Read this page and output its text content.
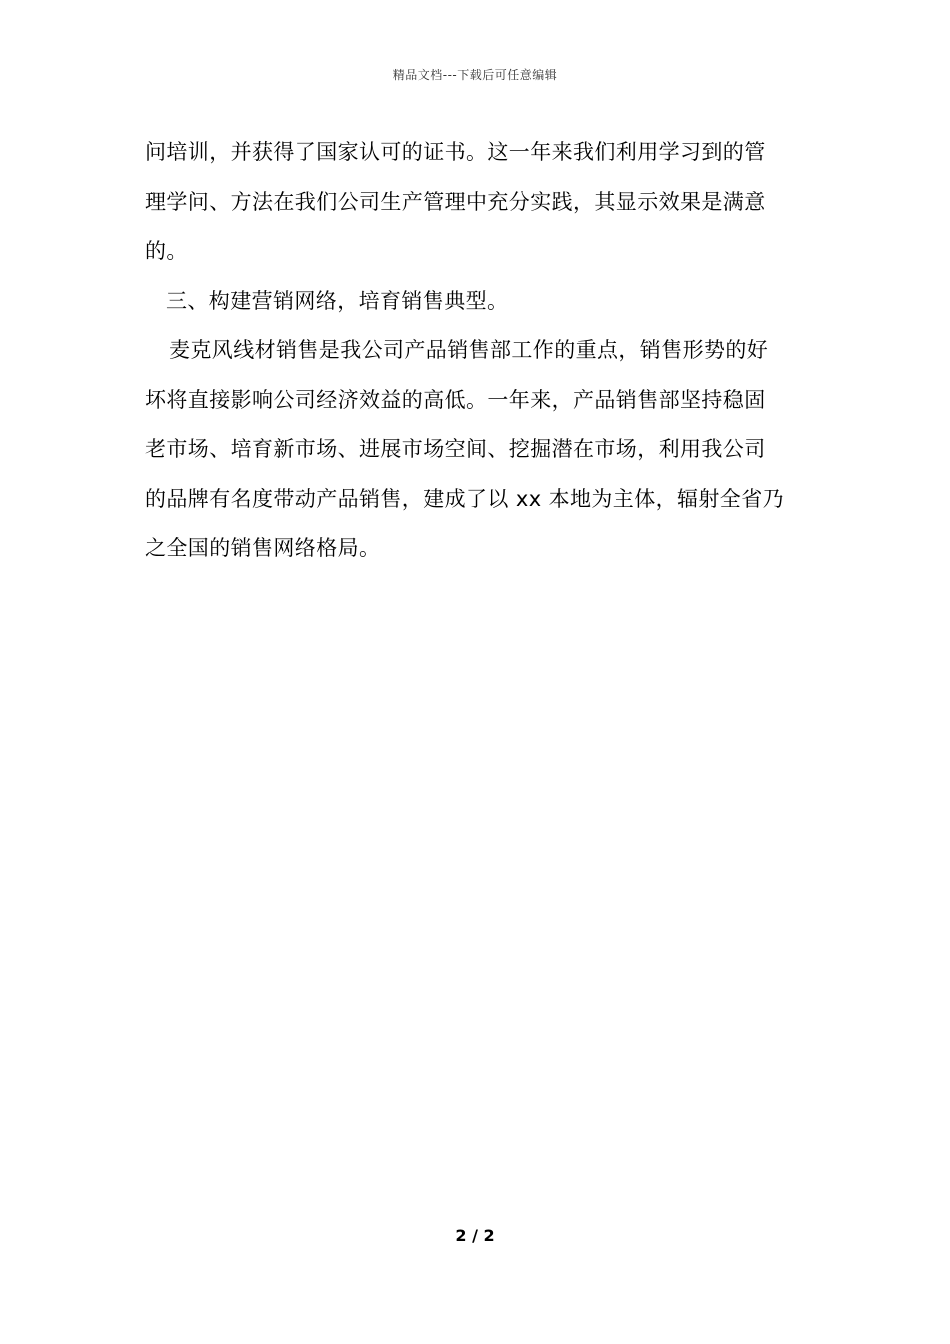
精品文档---下载后可任意编辑

问培训，并获得了国家认可的证书。这一年来我们利用学习到的管
理学问、方法在我们公司生产管理中充分实践，其显示效果是满意
的。

三、构建营销网络，培育销售典型。

麦克风线材销售是我公司产品销售部工作的重点，销售形势的好
坏将直接影响公司经济效益的高低。一年来，产品销售部坚持稳固
老市场、培育新市场、进展市场空间、挖掘潜在市场，利用我公司
的品牌有名度带动产品销售，建成了以 xx 本地为主体，辐射全省乃
之全国的销售网络格局。

2 / 2
